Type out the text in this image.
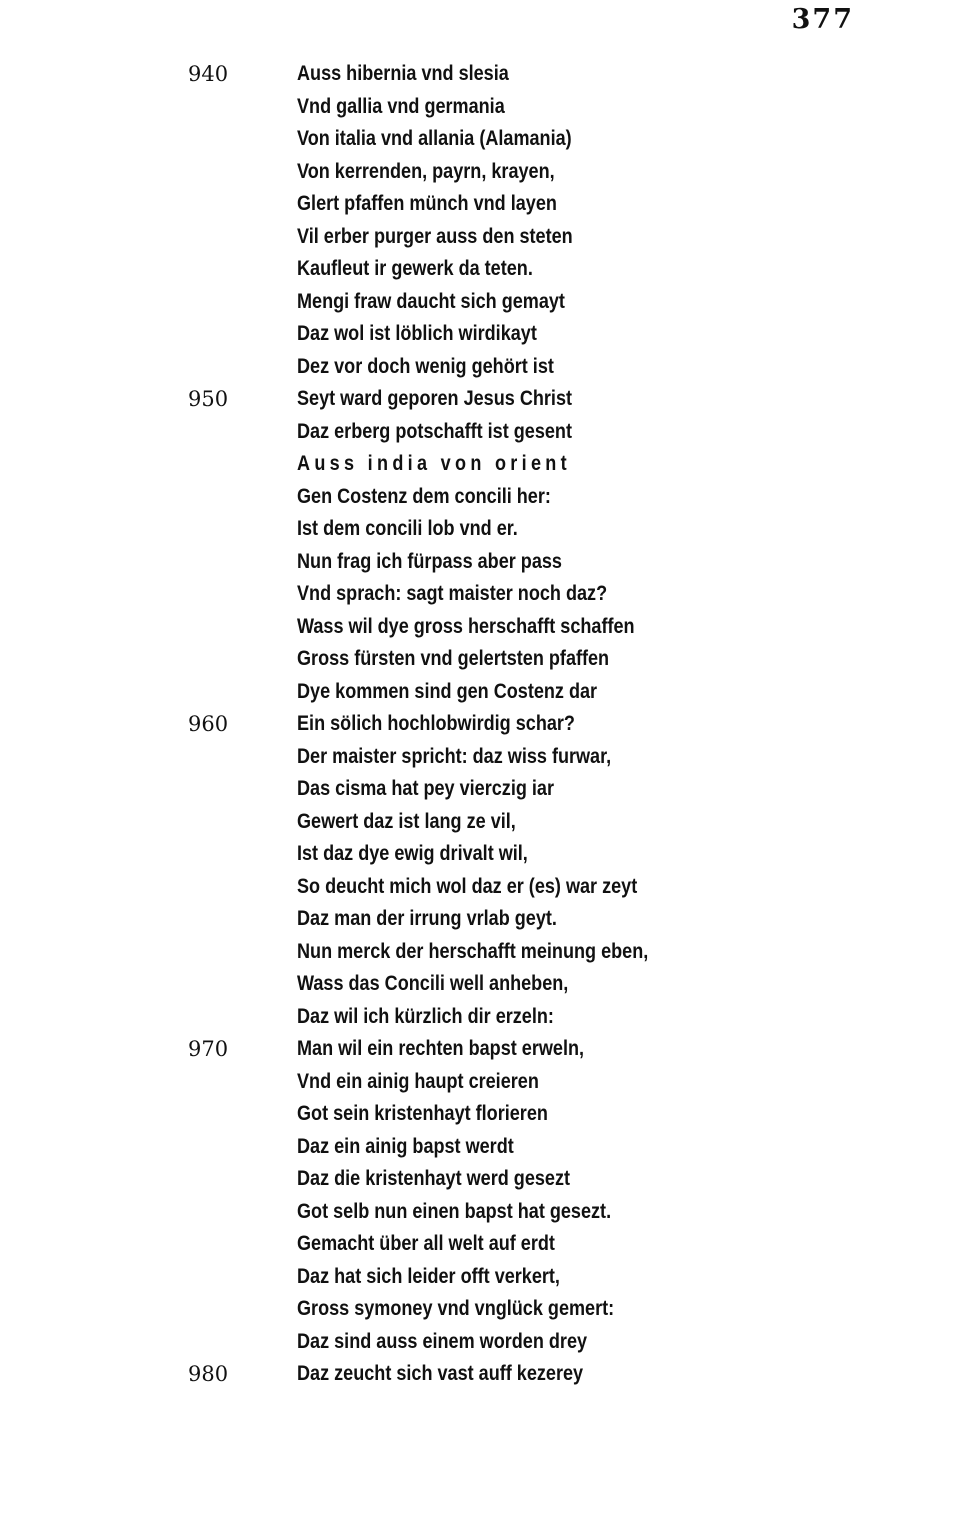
377
940	Auss hibernia vnd slesia
Vnd gallia vnd germania
Von italia vnd allania (Alamania)
Von kerrenden, payrn, krayen,
Glert pfaffen münch vnd layen
Vil erber purger auss den steten
Kaufleut ir gewerk da teten.
Mengi fraw daucht sich gemayt
Daz wol ist löblich wirdikayt
Dez vor doch wenig gehört ist
950	Seyt ward geporen Jesus Christ
Daz erberg potschafft ist gesent
Auss india von orient
Gen Costenz dem concili her:
Ist dem concili lob vnd er.
Nun frag ich fürpass aber pass
Vnd sprach: sagt maister noch daz?
Wass wil dye gross herschafft schaffen
Gross fürsten vnd gelertsten pfaffen
Dye kommen sind gen Costenz dar
960	Ein sölich hochlobwirdig schar?
Der maister spricht: daz wiss furwar,
Das cisma hat pey vierczig iar
Gewert daz ist lang ze vil,
Ist daz dye ewig drivalt wil,
So deucht mich wol daz er (es) war zeyt
Daz man der irrung vrlab geyt.
Nun merck der herschafft meinung eben,
Wass das Concili well anheben,
Daz wil ich kürzlich dir erzeln:
970	Man wil ein rechten bapst erweln,
Vnd ein ainig haupt creieren
Got sein kristenhayt florieren
Daz ein ainig bapst werdt
Daz die kristenhayt werd gesezt
Got selb nun einen bapst hat gesezt.
Gemacht über all welt auf erdt
Daz hat sich leider offt verkert,
Gross symoney vnd vnglück gemert:
Daz sind auss einem worden drey
980	Daz zeucht sich vast auff kezerey
